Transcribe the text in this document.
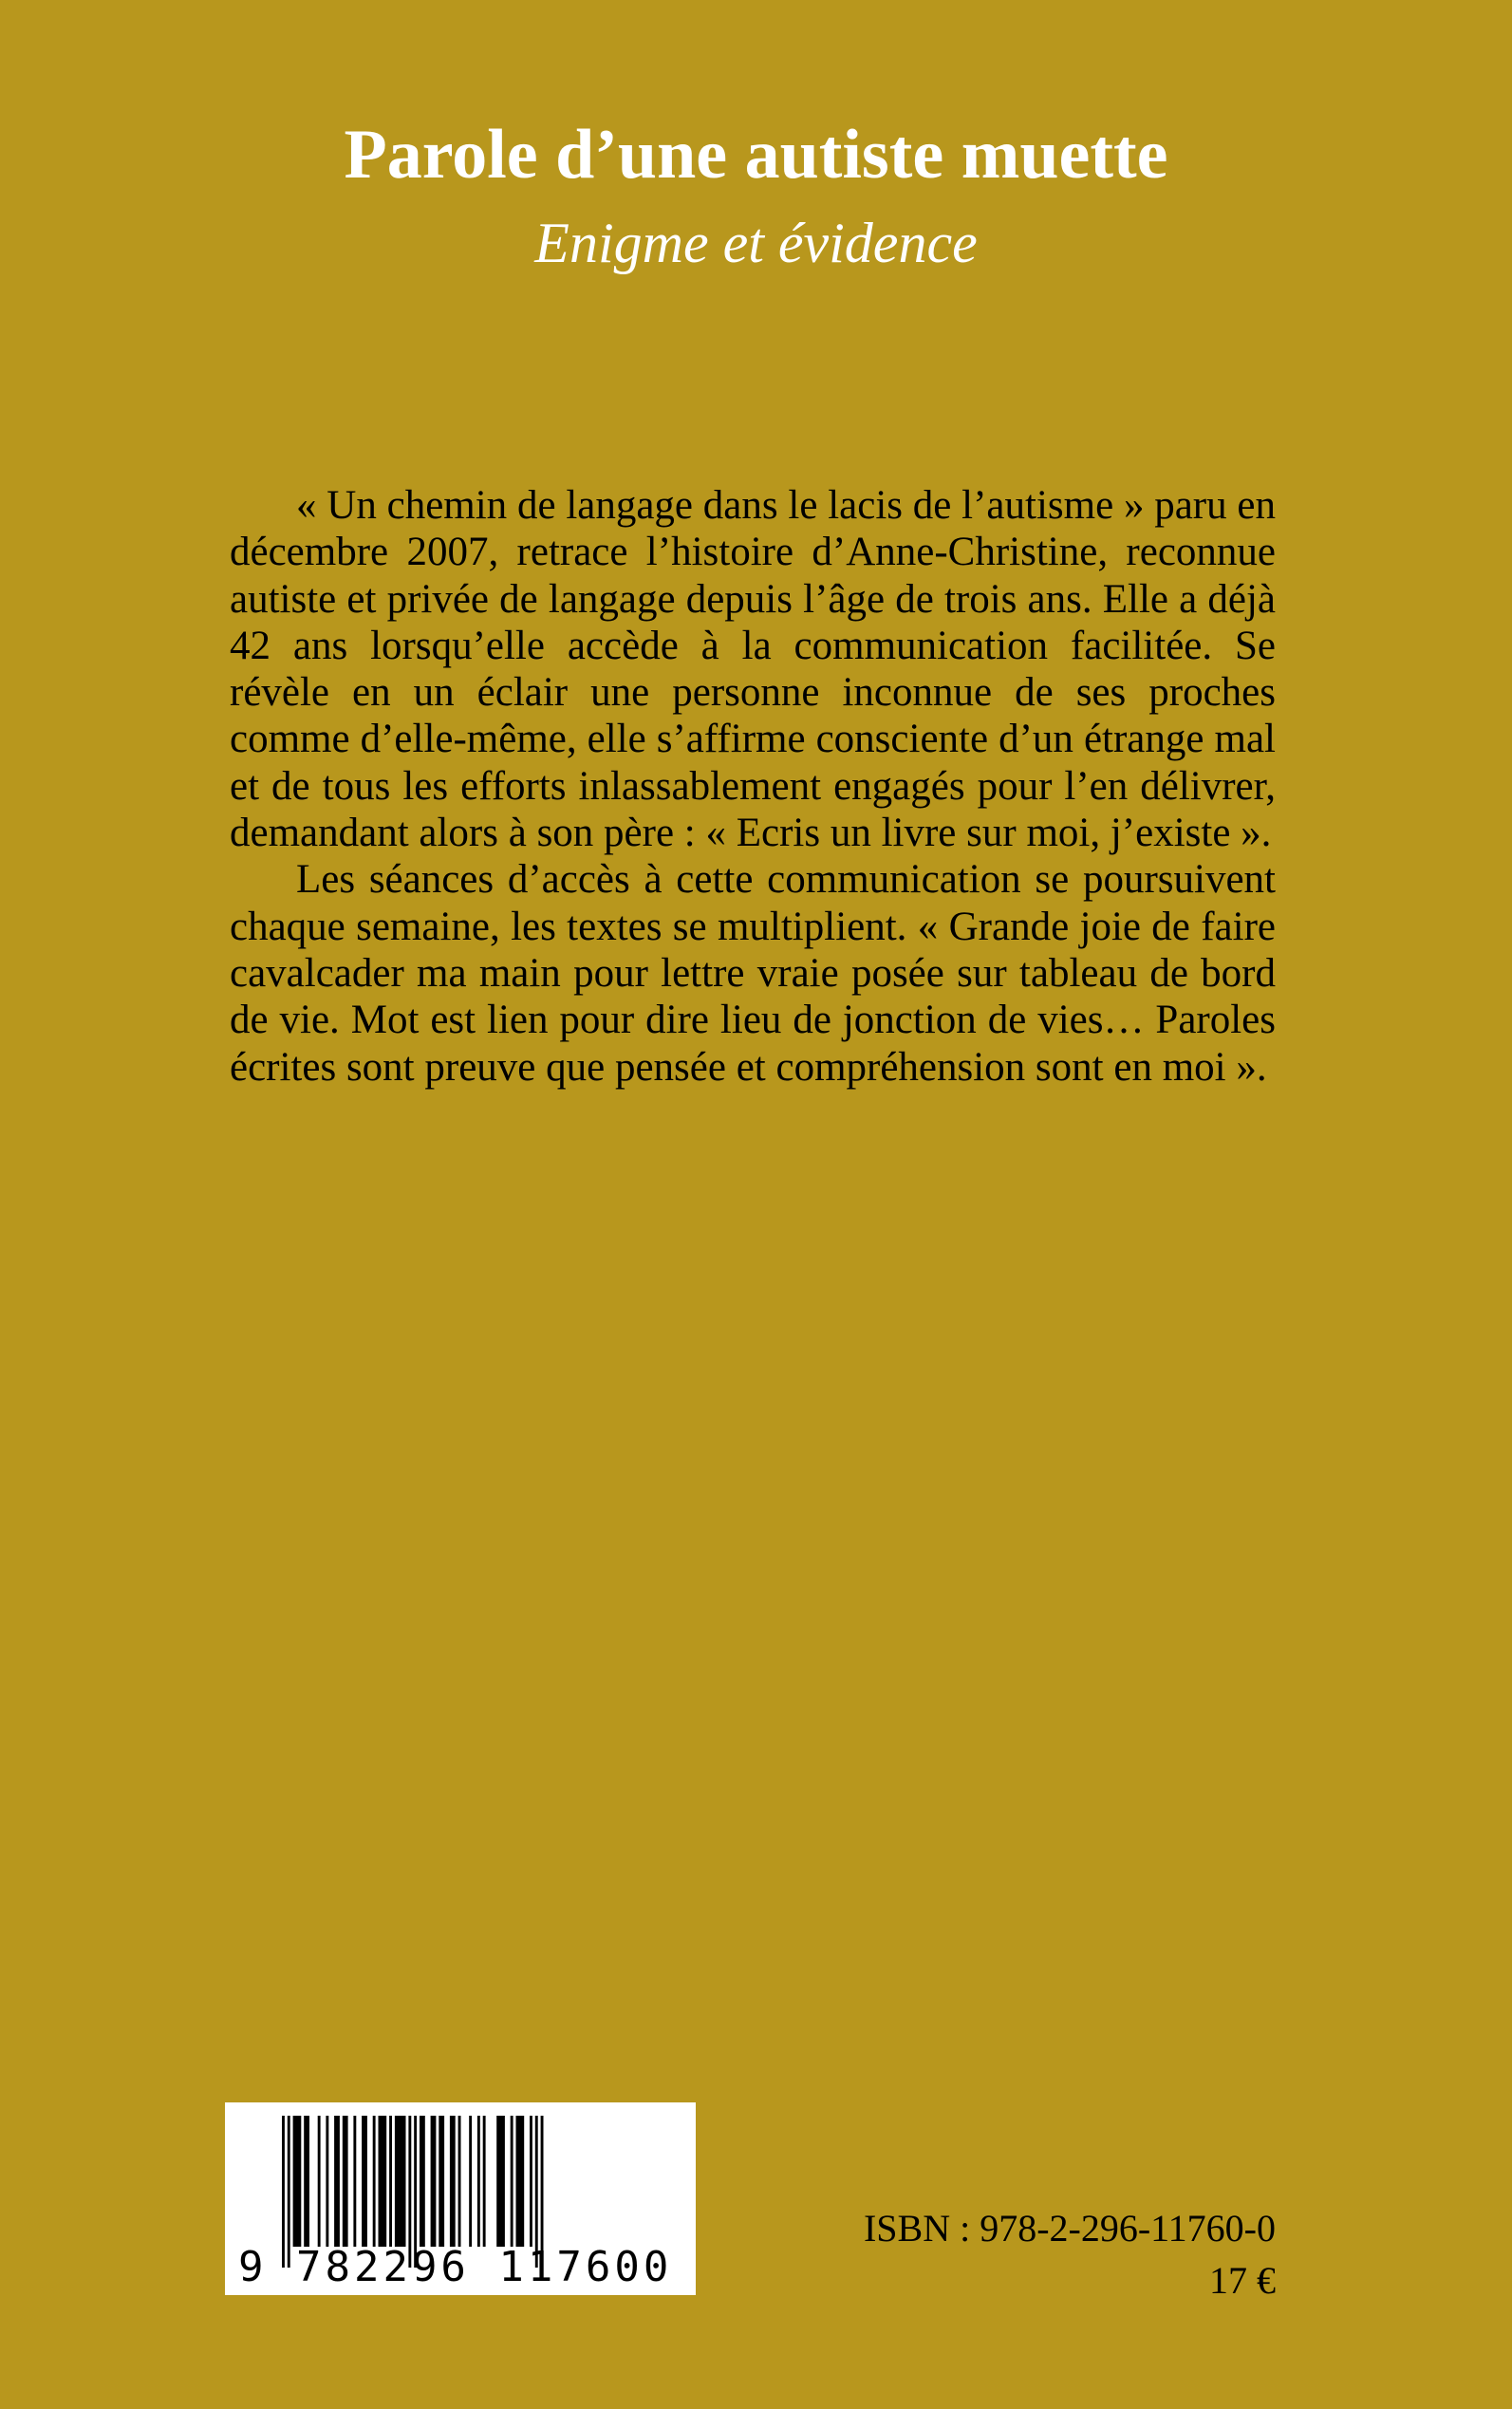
Parole d’une autiste muette
Enigme et évidence

« Un chemin de langage dans le lacis de l’autisme » paru en décembre 2007, retrace l’histoire d’Anne-Christine, reconnue autiste et privée de langage depuis l’âge de trois ans. Elle a déjà 42 ans lorsqu’elle accède à la communication facilitée. Se révèle en un éclair une personne inconnue de ses proches comme d’elle-même, elle s’affirme consciente d’un étrange mal et de tous les efforts inlassablement engagés pour l’en délivrer, demandant alors à son père : « Ecris un livre sur moi, j’existe ».

Les séances d’accès à cette communication se poursuivent chaque semaine, les textes se multiplient. « Grande joie de faire cavalcader ma main pour lettre vraie posée sur tableau de bord de vie. Mot est lien pour dire lieu de jonction de vies… Paroles écrites sont preuve que pensée et compréhension sont en moi ».

9 782296 117600
ISBN : 978-2-296-11760-0
17 €
